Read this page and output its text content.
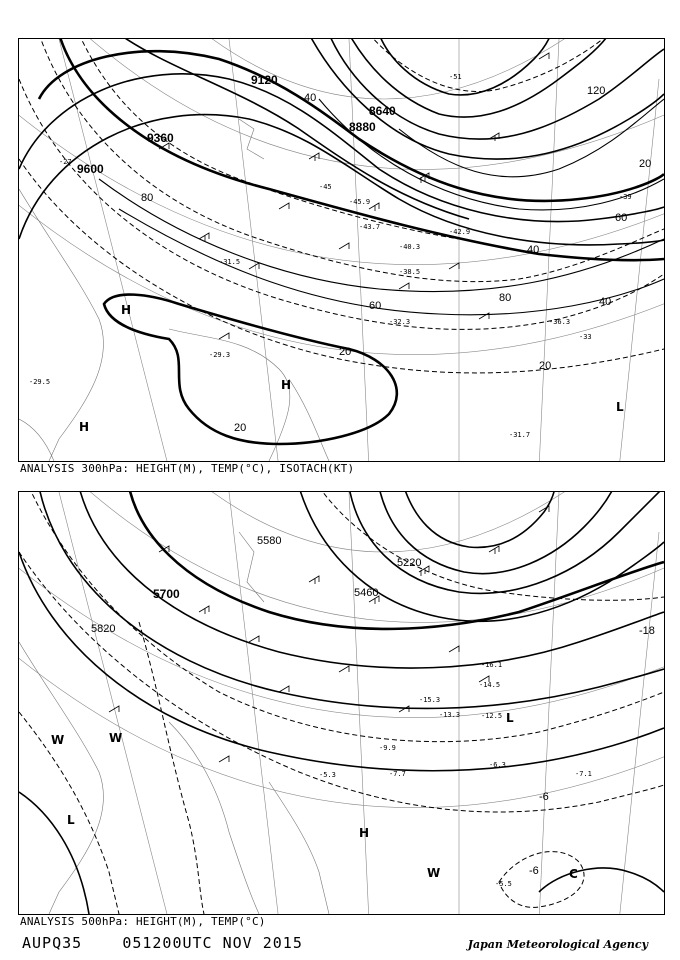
9120
8640
8880
9360
9600
40
60
80
120
20
20
20
20
40
60
40
80
-45
-39
-33
-27
-51
H
H
H
L
-43.7
-45.9
-42.9
-40.3
-38.5
-36.3
-32.3
-31.7
-29.3
-29.5
-31.5
ANALYSIS 300hPa: HEIGHT(M), TEMP(°C), ISOTACH(KT)
5580
5700
5820
5460
5220
-18
-6
-6
L
L
H
W	W
W	C
-14.5
-12.5
-16.1
-7.7
-6.3
-7.1
-5.5
-5.3
-9.9
-13.3
-15.3
ANALYSIS 500hPa: HEIGHT(M), TEMP(°C)
AUPQ35	051200UTC NOV 2015	Japan Meteorological Agency
